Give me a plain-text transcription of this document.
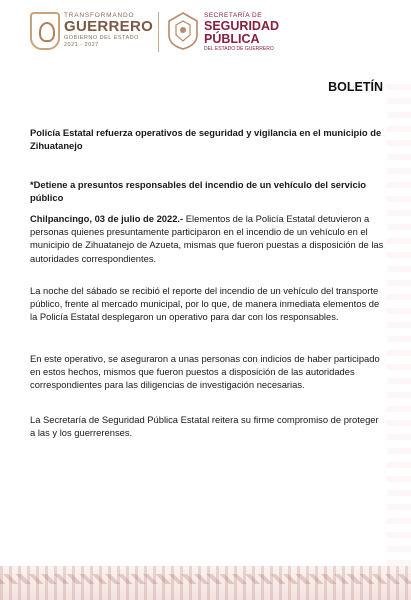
TRANSFORMANDO
GUERRERO
GOBIERNO DEL ESTADO
2021 - 2027
SECRETARÍA DE
SEGURIDAD
PÚBLICA
DEL ESTADO DE GUERRERO
BOLETÍN
Policía Estatal refuerza operativos de seguridad y vigilancia en el municipio de Zihuatanejo
*Detiene a presuntos responsables del incendio de un vehículo del servicio público
Chilpancingo, 03 de julio de 2022.- Elementos de la Policía Estatal detuvieron a personas quienes presuntamente participaron en el incendio de un vehículo en el municipio de Zihuatanejo de Azueta, mismas que fueron puestas a disposición de las autoridades correspondientes.
La noche del sábado se recibió el reporte del incendio de un vehículo del transporte público, frente al mercado municipal, por lo que, de manera inmediata elementos de la Policía Estatal desplegaron un operativo para dar con los responsables.
En este operativo, se aseguraron a unas personas con indicios de haber participado en estos hechos, mismos que fueron puestos a disposición de las autoridades correspondientes para las diligencias de investigación necesarias.
La Secretaría de Seguridad Pública Estatal reitera su firme compromiso de proteger a las y los guerrerenses.
